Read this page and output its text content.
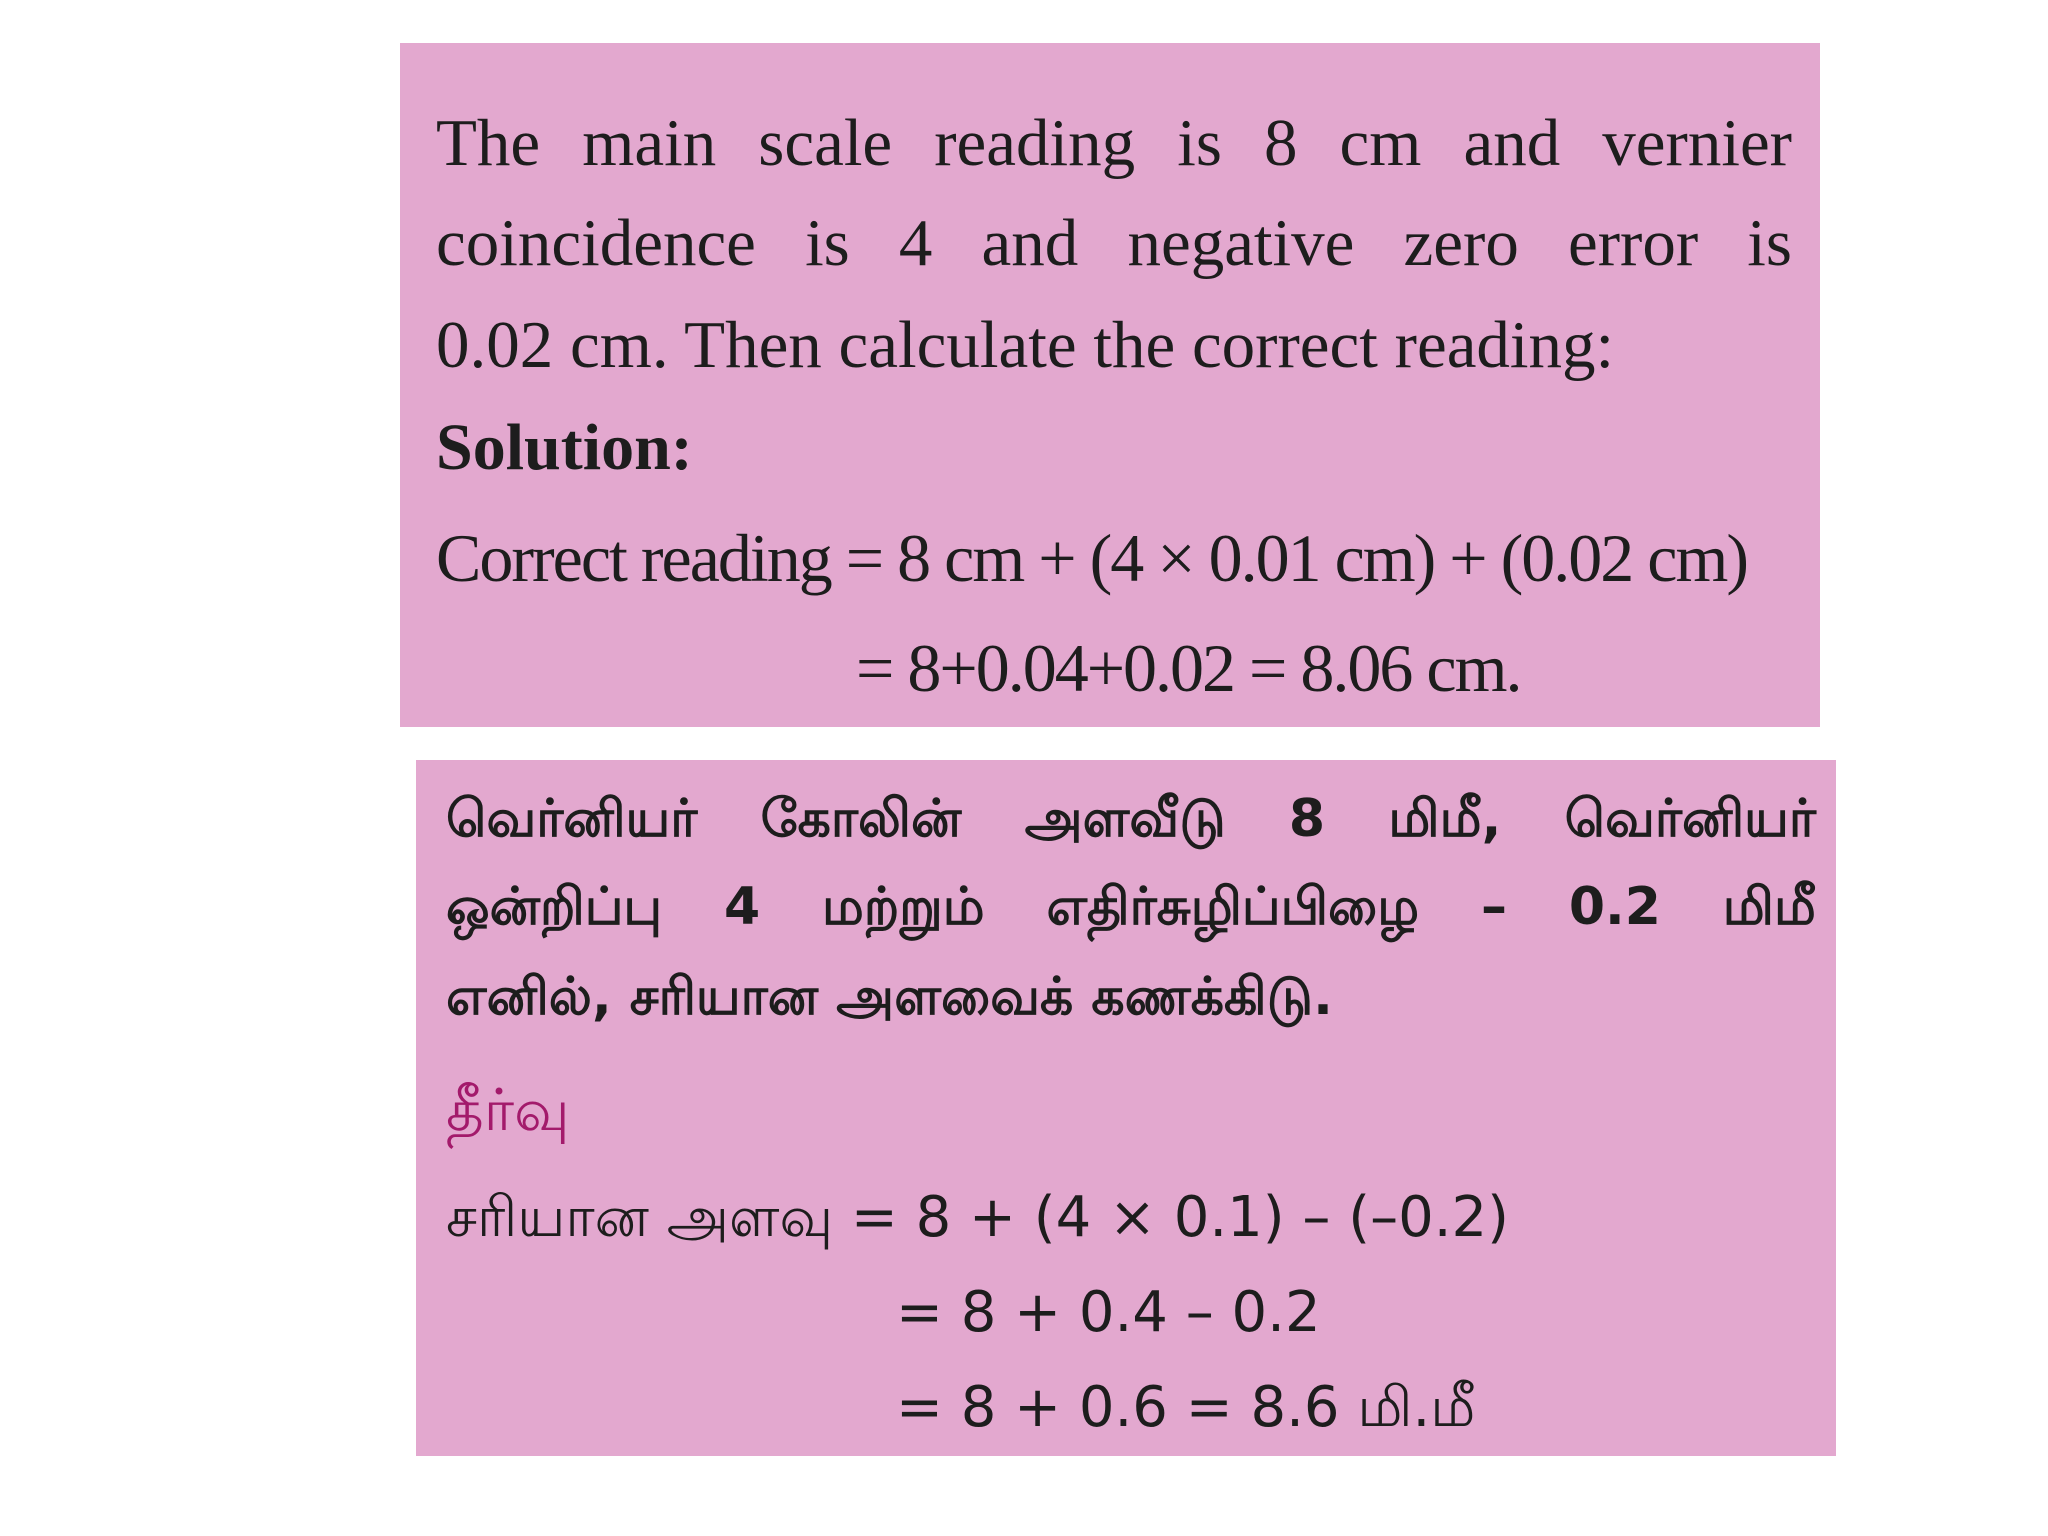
The main scale reading is 8 cm and vernier
coincidence is 4 and negative zero error is
0.02 cm. Then calculate the correct reading:
Solution:
Correct reading = 8 cm + (4 × 0.01 cm) + (0.02 cm)
= 8+0.04+0.02 = 8.06 cm.
வெர்னியர் கோலின் அளவீடு 8 மிமீ, வெர்னியர்
ஒன்றிப்பு 4 மற்றும் எதிர்சுழிப்பிழை – 0.2 மிமீ
எனில், சரியான அளவைக் கணக்கிடு.
தீர்வு
சரியான அளவு = 8 + (4 × 0.1) – (–0.2)
= 8 + 0.4 – 0.2
= 8 + 0.6 = 8.6 மி.மீ
